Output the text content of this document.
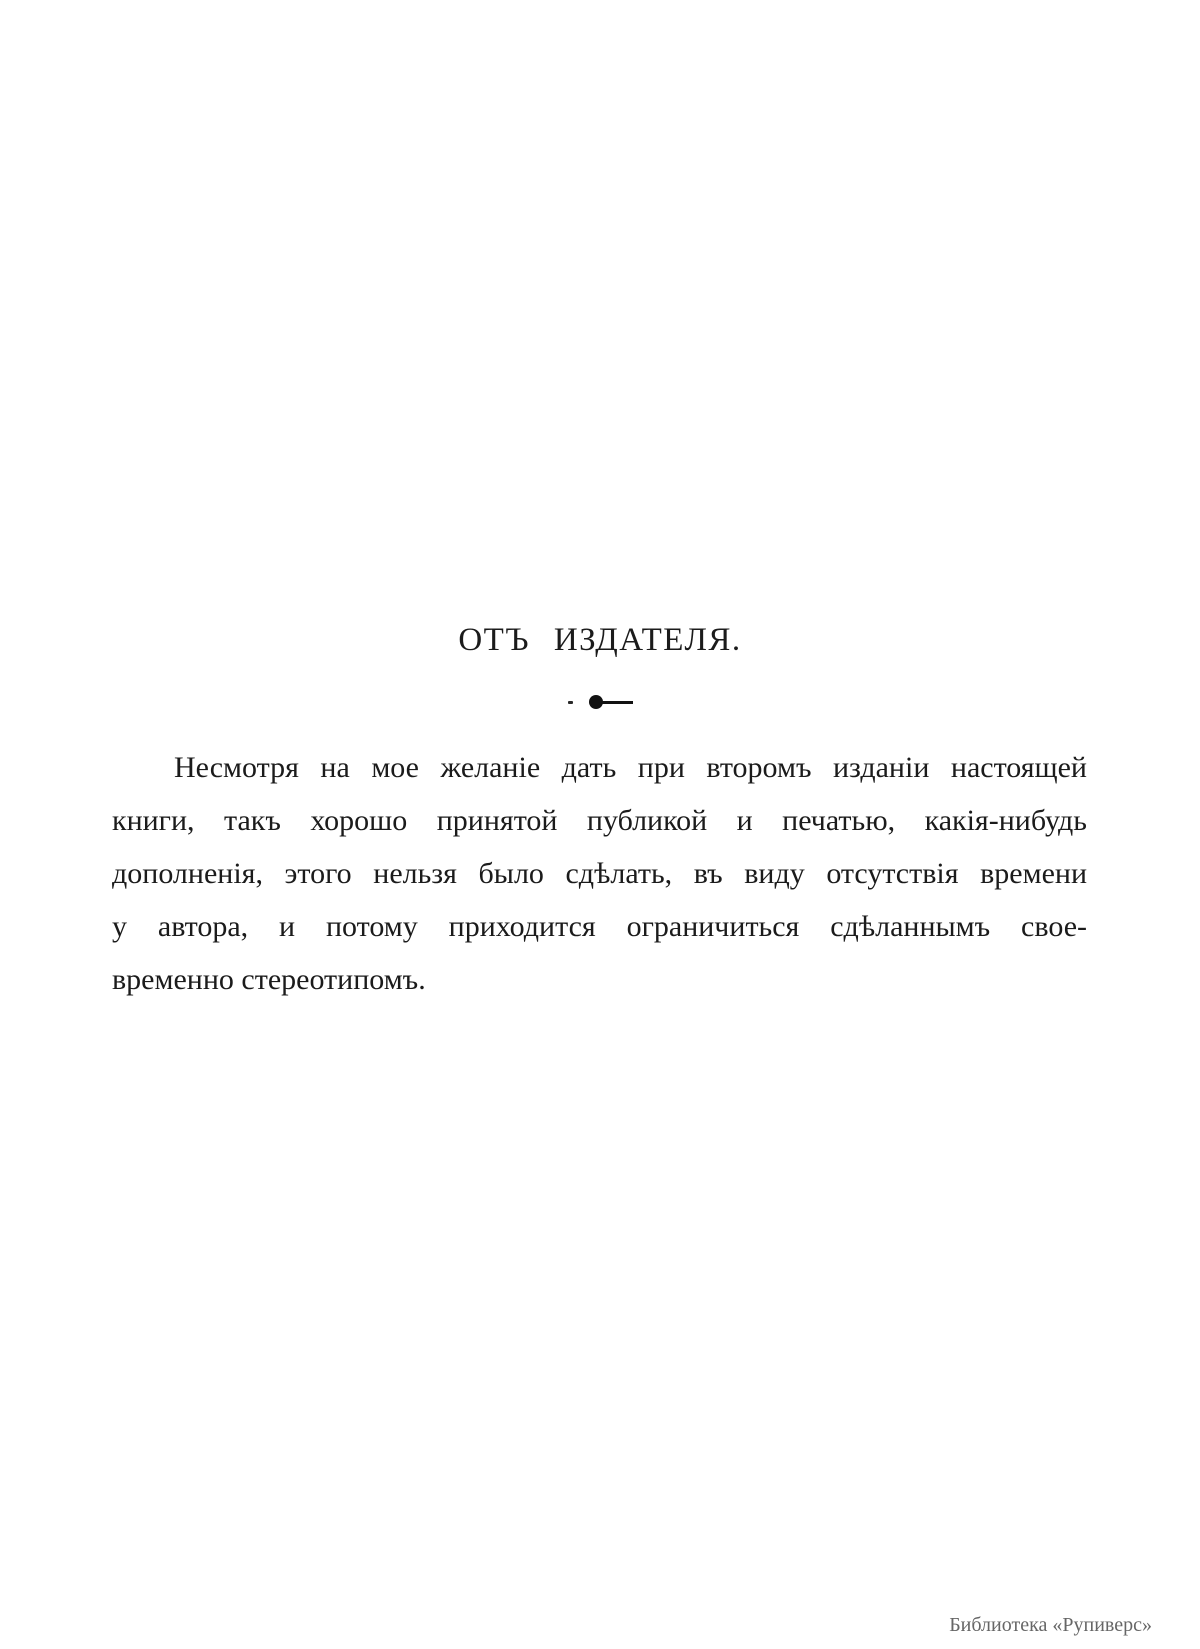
ОТЪ ИЗДАТЕЛЯ.
Несмотря на мое желаніе дать при второмъ изданіи настоящей
книги, такъ хорошо принятой публикой и печатью, какія-нибудь
дополненія, этого нельзя было сдѣлать, въ виду отсутствія времени
у автора, и потому приходится ограничиться сдѣланнымъ свое-
временно стереотипомъ.
Библиотека «Рупиверс»
